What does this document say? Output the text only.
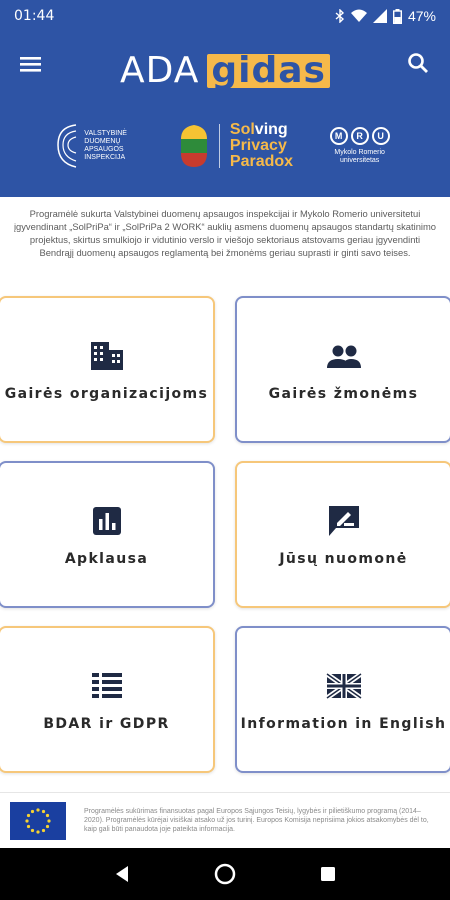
01:44	47%
ADA gidas
VALSTYBINĖ DUOMENŲ APSAUGOS INSPEKCIJA
Solving
Privacy
Paradox
M	R	U
Mykolo Romerio universitetas

Programėlė sukurta Valstybinei duomenų apsaugos inspekcijai ir Mykolo Romerio universitetui įgyvendinant „SolPriPa“ ir „SolPriPa 2 WORK“ auklių asmens duomenų apsaugos standartų skatinimo projektus, skirtus smulkiojo ir vidutinio verslo ir viešojo sektoriaus atstovams geriau įgyvendinti Bendrąjį duomenų apsaugos reglamentą bei žmonėms geriau suprasti ir ginti savo teises.

Gairės organizacijoms	Gairės žmonėms
Apklausa	Jūsų nuomonė
BDAR ir GDPR	Information in English
Programėlės sukūrimas finansuotas pagal Europos Sąjungos Teisių, lygybės ir pilietiškumo programą (2014–2020). Programėlės kūrėjai visiškai atsako už jos turinį. Europos Komisija neprisiima jokios atsakomybės dėl to, kaip gali būti panaudota joje pateikta informacija.
